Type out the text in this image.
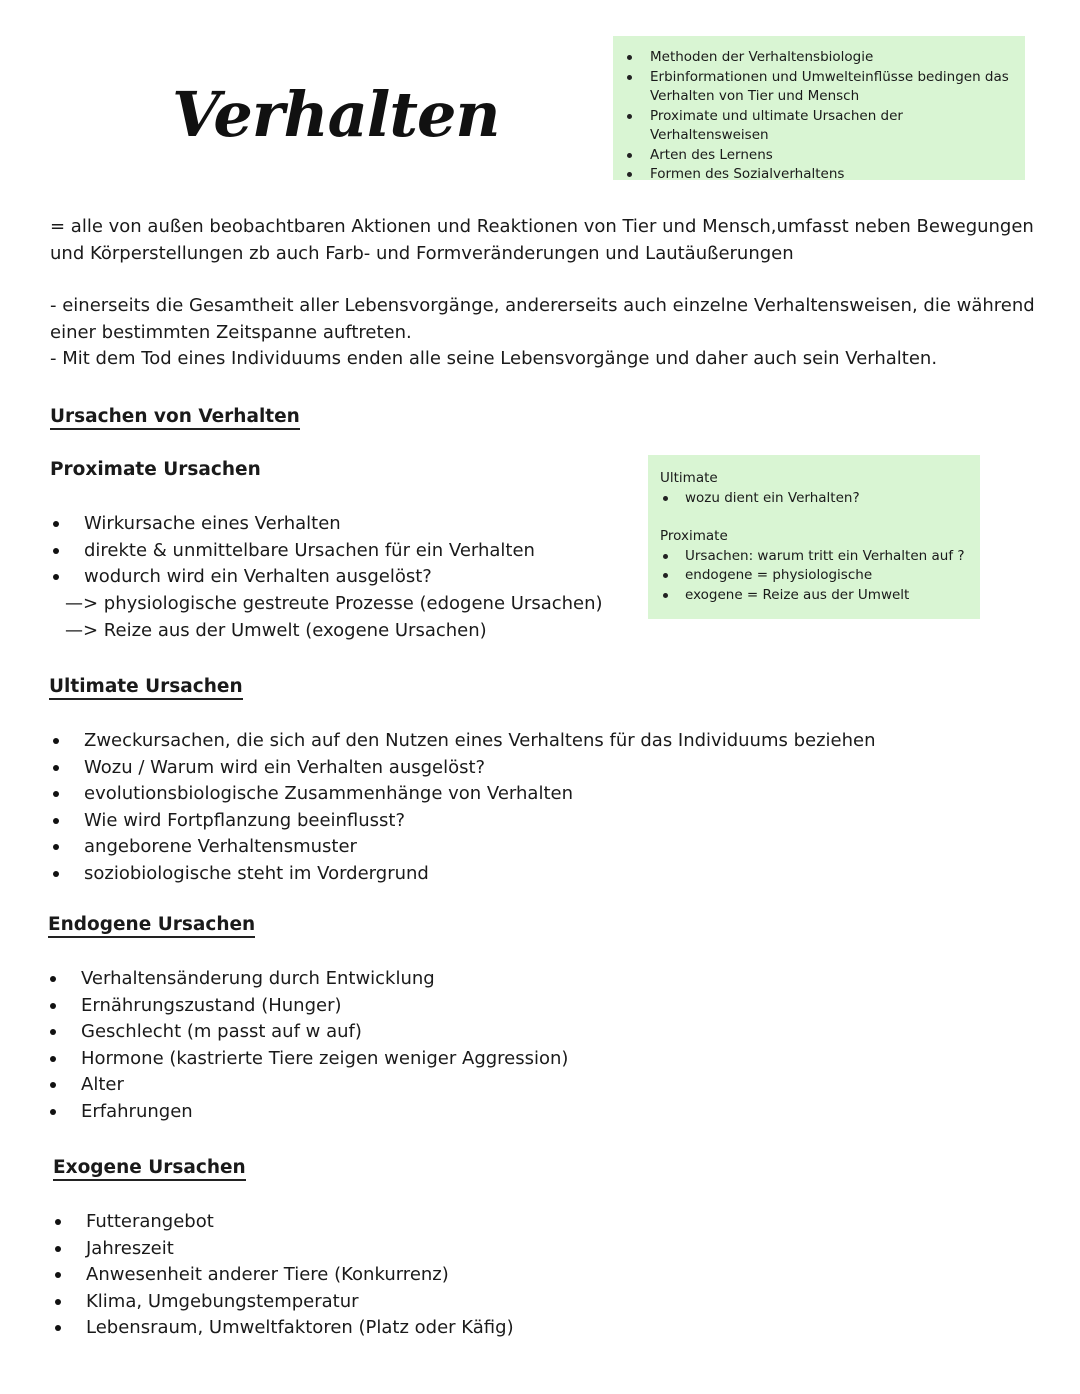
Verhalten
Methoden der Verhaltensbiologie
Erbinformationen und Umwelteinflüsse bedingen das
Verhalten von Tier und Mensch
Proximate und ultimate Ursachen der Verhaltensweisen
Arten des Lernens
Formen des Sozialverhaltens
= alle von außen beobachtbaren Aktionen und Reaktionen von Tier und Mensch,umfasst neben Bewegungen
und Körperstellungen zb auch Farb- und Formveränderungen und Lautäußerungen
- einerseits die Gesamtheit aller Lebensvorgänge, andererseits auch einzelne Verhaltensweisen, die während
einer bestimmten Zeitspanne auftreten.
- Mit dem Tod eines Individuums enden alle seine Lebensvorgänge und daher auch sein Verhalten.
Ursachen von Verhalten
Proximate Ursachen
Wirkursache eines Verhalten
direkte & unmittelbare Ursachen für ein Verhalten
wodurch wird ein Verhalten ausgelöst?
—> physiologische gestreute Prozesse (edogene Ursachen)
—> Reize aus der Umwelt (exogene Ursachen)
Ultimate
wozu dient ein Verhalten?
Proximate
Ursachen: warum tritt ein Verhalten auf ?
endogene = physiologische
exogene = Reize aus der Umwelt
Ultimate Ursachen
Zweckursachen, die sich auf den Nutzen eines Verhaltens für das Individuums beziehen
Wozu / Warum wird ein Verhalten ausgelöst?
evolutionsbiologische Zusammenhänge von Verhalten
Wie wird Fortpflanzung beeinflusst?
angeborene Verhaltensmuster
soziobiologische steht im Vordergrund
Endogene Ursachen
Verhaltensänderung durch Entwicklung
Ernährungszustand (Hunger)
Geschlecht (m passt auf w auf)
Hormone (kastrierte Tiere zeigen weniger Aggression)
Alter
Erfahrungen
Exogene Ursachen
Futterangebot
Jahreszeit
Anwesenheit anderer Tiere (Konkurrenz)
Klima, Umgebungstemperatur
Lebensraum, Umweltfaktoren (Platz oder Käfig)
